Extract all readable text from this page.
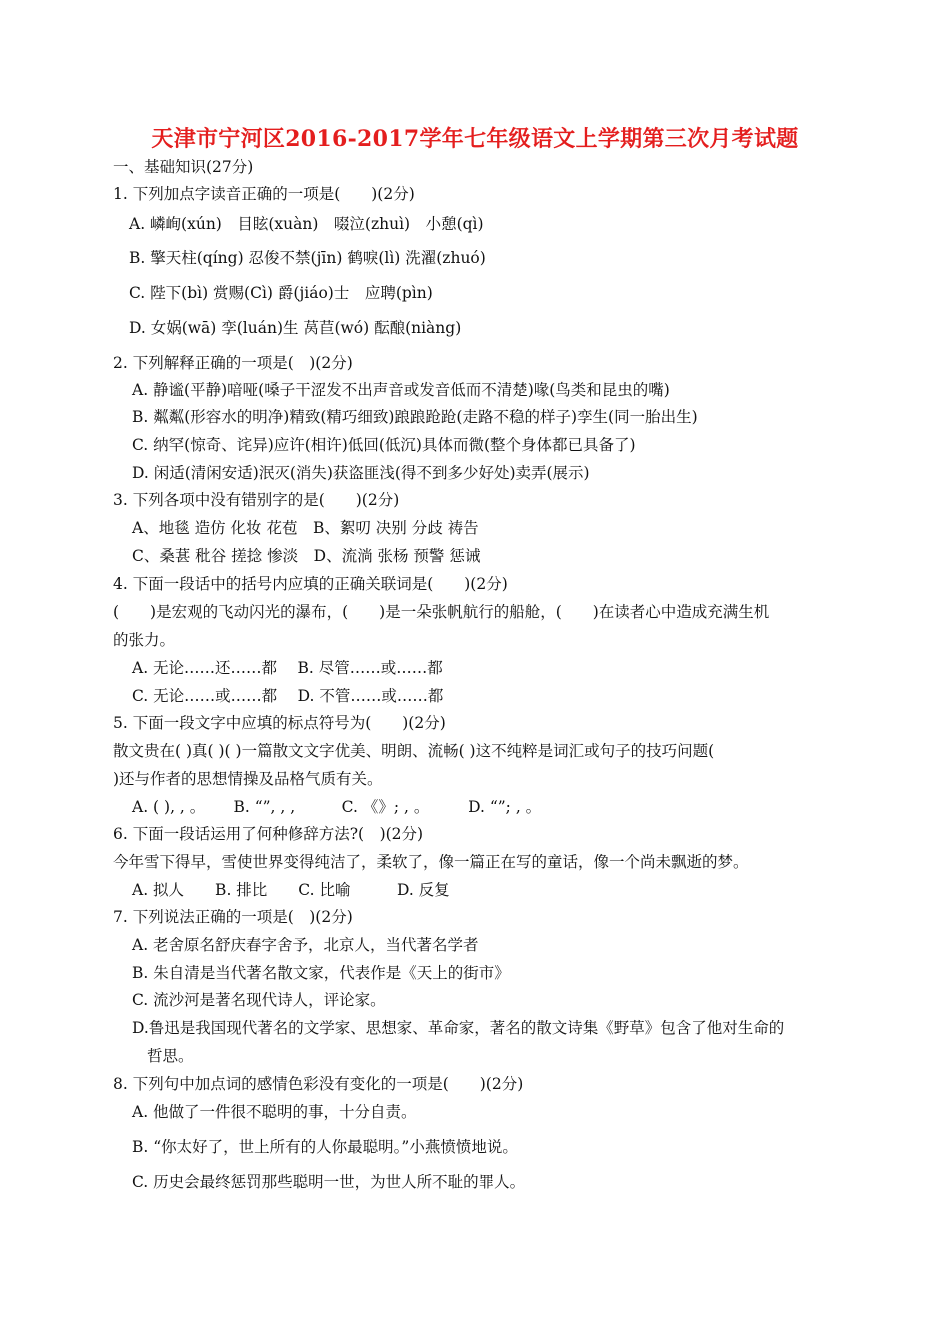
天津市宁河区2016-2017学年七年级语文上学期第三次月考试题
一、基础知识(27分)
1. 下列加点字读音正确的一项是(　　)(2分)
A. 嶙峋(xún)　目眩(xuàn)　啜泣(zhuì)　小憩(qì)
B. 擎天柱(qíng) 忍俊不禁(jīn) 鹤唳(lì) 洗濯(zhuó)
C. 陛下(bì) 赏赐(Cì) 爵(jiáo)士　应聘(pìn)
D. 女娲(wā) 孪(luán)生 莴苣(wó) 酝酿(niàng)
2. 下列解释正确的一项是(　)(2分)
A. 静谧(平静)喑哑(嗓子干涩发不出声音或发音低而不清楚)喙(鸟类和昆虫的嘴)
B. 粼粼(形容水的明净)精致(精巧细致)踉踉跄跄(走路不稳的样子)孪生(同一胎出生)
C. 纳罕(惊奇、诧异)应许(相许)低回(低沉)具体而微(整个身体都已具备了)
D. 闲适(清闲安适)泯灭(消失)获盗匪浅(得不到多少好处)卖弄(展示)
3. 下列各项中没有错别字的是(　　)(2分)
A、地毯 造仿 化妆 花苞　B、絮叨 决别 分歧 祷告
C、桑葚 秕谷 搓捻 惨淡　D、流淌 张杨 预警 惩诫
4. 下面一段话中的括号内应填的正确关联词是(　　)(2分)
(　　)是宏观的飞动闪光的瀑布，(　　)是一朵张帆航行的船舱，(　　)在读者心中造成充满生机
的张力。
A. 无论……还……都　 B. 尽管……或……都
C. 无论……或……都　 D. 不管……或……都
5. 下面一段文字中应填的标点符号为(　　)(2分)
散文贵在( )真( )( )一篇散文文字优美、明朗、流畅( )这不纯粹是词汇或句子的技巧问题(
)还与作者的思想情操及品格气质有关。
A. ( ), , 。　　 B. “”, , ,　　　C. 《》; , 。　　　D. “”; , 。
6. 下面一段话运用了何种修辞方法?(　)(2分)
今年雪下得早，雪使世界变得纯洁了，柔软了，像一篇正在写的童话，像一个尚未飘逝的梦。
A. 拟人　　B. 排比　　C. 比喻　　　D. 反复
7. 下列说法正确的一项是(　)(2分)
A. 老舍原名舒庆春字舍予，北京人，当代著名学者
B. 朱自清是当代著名散文家，代表作是《天上的街市》
C. 流沙河是著名现代诗人，评论家。
D.鲁迅是我国现代著名的文学家、思想家、革命家，著名的散文诗集《野草》包含了他对生命的
哲思。
8. 下列句中加点词的感情色彩没有变化的一项是(　　)(2分)
A. 他做了一件很不聪明的事，十分自责。
B. “你太好了，世上所有的人你最聪明。”小燕愤愤地说。
C. 历史会最终惩罚那些聪明一世，为世人所不耻的罪人。
